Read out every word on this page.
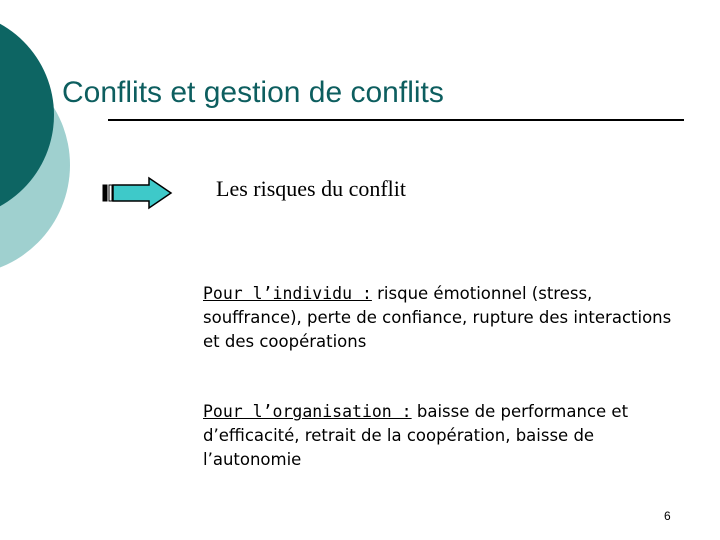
Conflits et gestion de conflits
Les risques du conflit
Pour l’individu : risque émotionnel (stress, souffrance), perte de confiance, rupture des interactions et des coopérations
Pour l’organisation : baisse de performance et d’efficacité, retrait de la coopération, baisse de l’autonomie
6
